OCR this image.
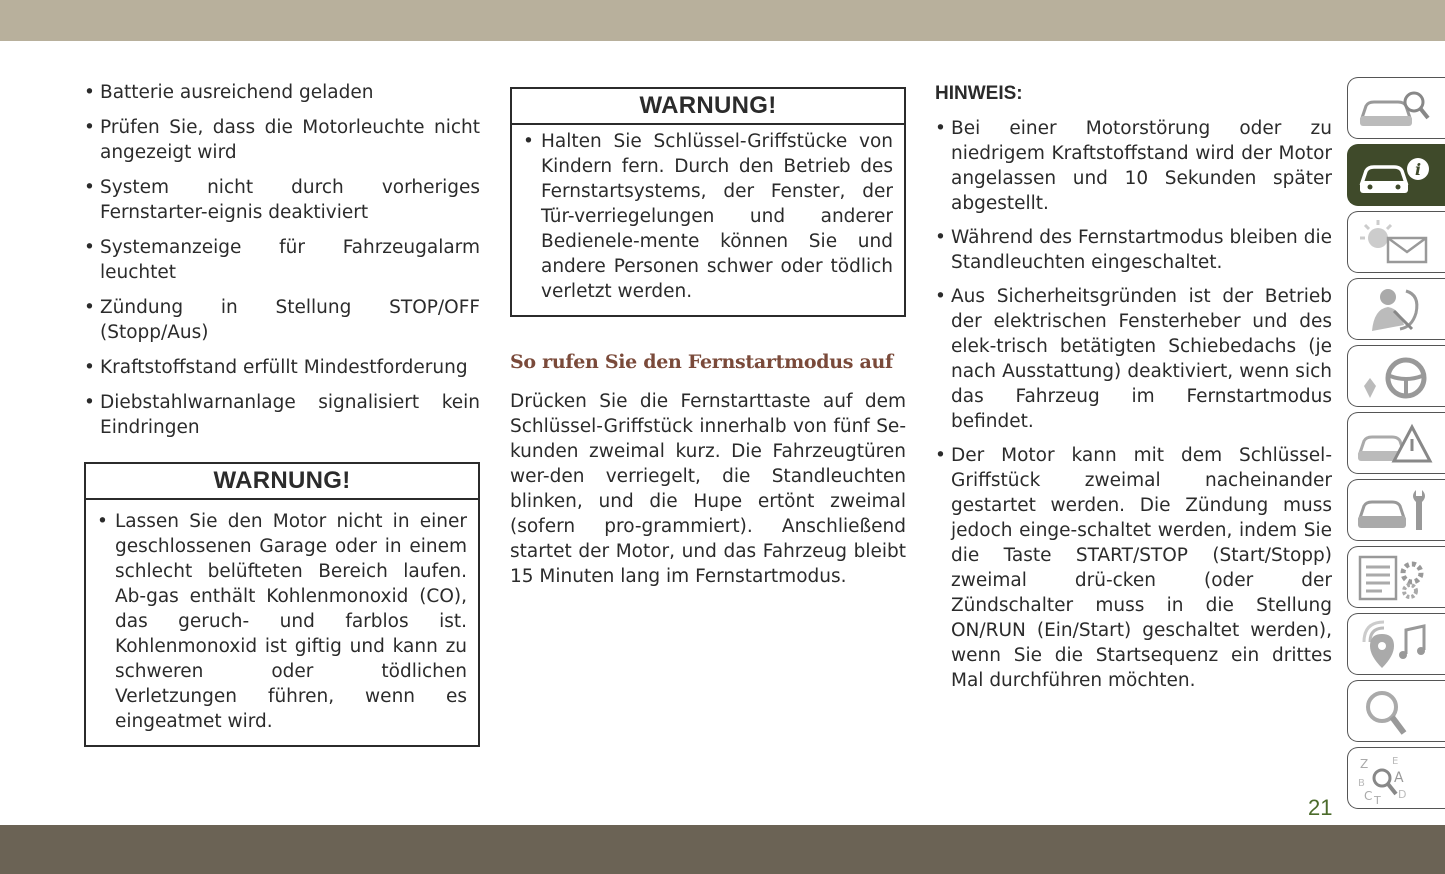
• Batterie ausreichend geladen
• Prüfen Sie, dass die Motorleuchte nicht angezeigt wird
• System nicht durch vorheriges Fernstarter-eignis deaktiviert
• Systemanzeige für Fahrzeugalarm leuchtet
• Zündung in Stellung STOP/OFF (Stopp/Aus)
• Kraftstoffstand erfüllt Mindestforderung
• Diebstahlwarnanlage signalisiert kein Eindringen
WARNUNG!
• Lassen Sie den Motor nicht in einer geschlossenen Garage oder in einem schlecht belüfteten Bereich laufen. Ab-gas enthält Kohlenmonoxid (CO), das geruch- und farblos ist. Kohlenmonoxid ist giftig und kann zu schweren oder tödlichen Verletzungen führen, wenn es eingeatmet wird.
WARNUNG!
• Halten Sie Schlüssel-Griffstücke von Kindern fern. Durch den Betrieb des Fernstartsystems, der Fenster, der Tür-verriegelungen und anderer Bedienele-mente können Sie und andere Personen schwer oder tödlich verletzt werden.

So rufen Sie den Fernstartmodus auf

Drücken Sie die Fernstarttaste auf dem Schlüssel-Griffstück innerhalb von fünf Se-kunden zweimal kurz. Die Fahrzeugtüren wer-den verriegelt, die Standleuchten blinken, und die Hupe ertönt zweimal (sofern pro-grammiert). Anschließend startet der Motor, und das Fahrzeug bleibt 15 Minuten lang im Fernstartmodus.

HINWEIS:

• Bei einer Motorstörung oder zu niedrigem Kraftstoffstand wird der Motor angelassen und 10 Sekunden später abgestellt.
• Während des Fernstartmodus bleiben die Standleuchten eingeschaltet.
• Aus Sicherheitsgründen ist der Betrieb der elektrischen Fensterheber und des elek-trisch betätigten Schiebedachs (je nach Ausstattung) deaktiviert, wenn sich das Fahrzeug im Fernstartmodus befindet.
• Der Motor kann mit dem Schlüssel-Griffstück zweimal nacheinander gestartet werden. Die Zündung muss jedoch einge-schaltet werden, indem Sie die Taste START/STOP (Start/Stopp) zweimal drü-cken (oder der Zündschalter muss in die Stellung ON/RUN (Ein/Start) geschaltet werden), wenn Sie die Startsequenz ein drittes Mal durchführen möchten.
i
Z E
B A
C T D
21
